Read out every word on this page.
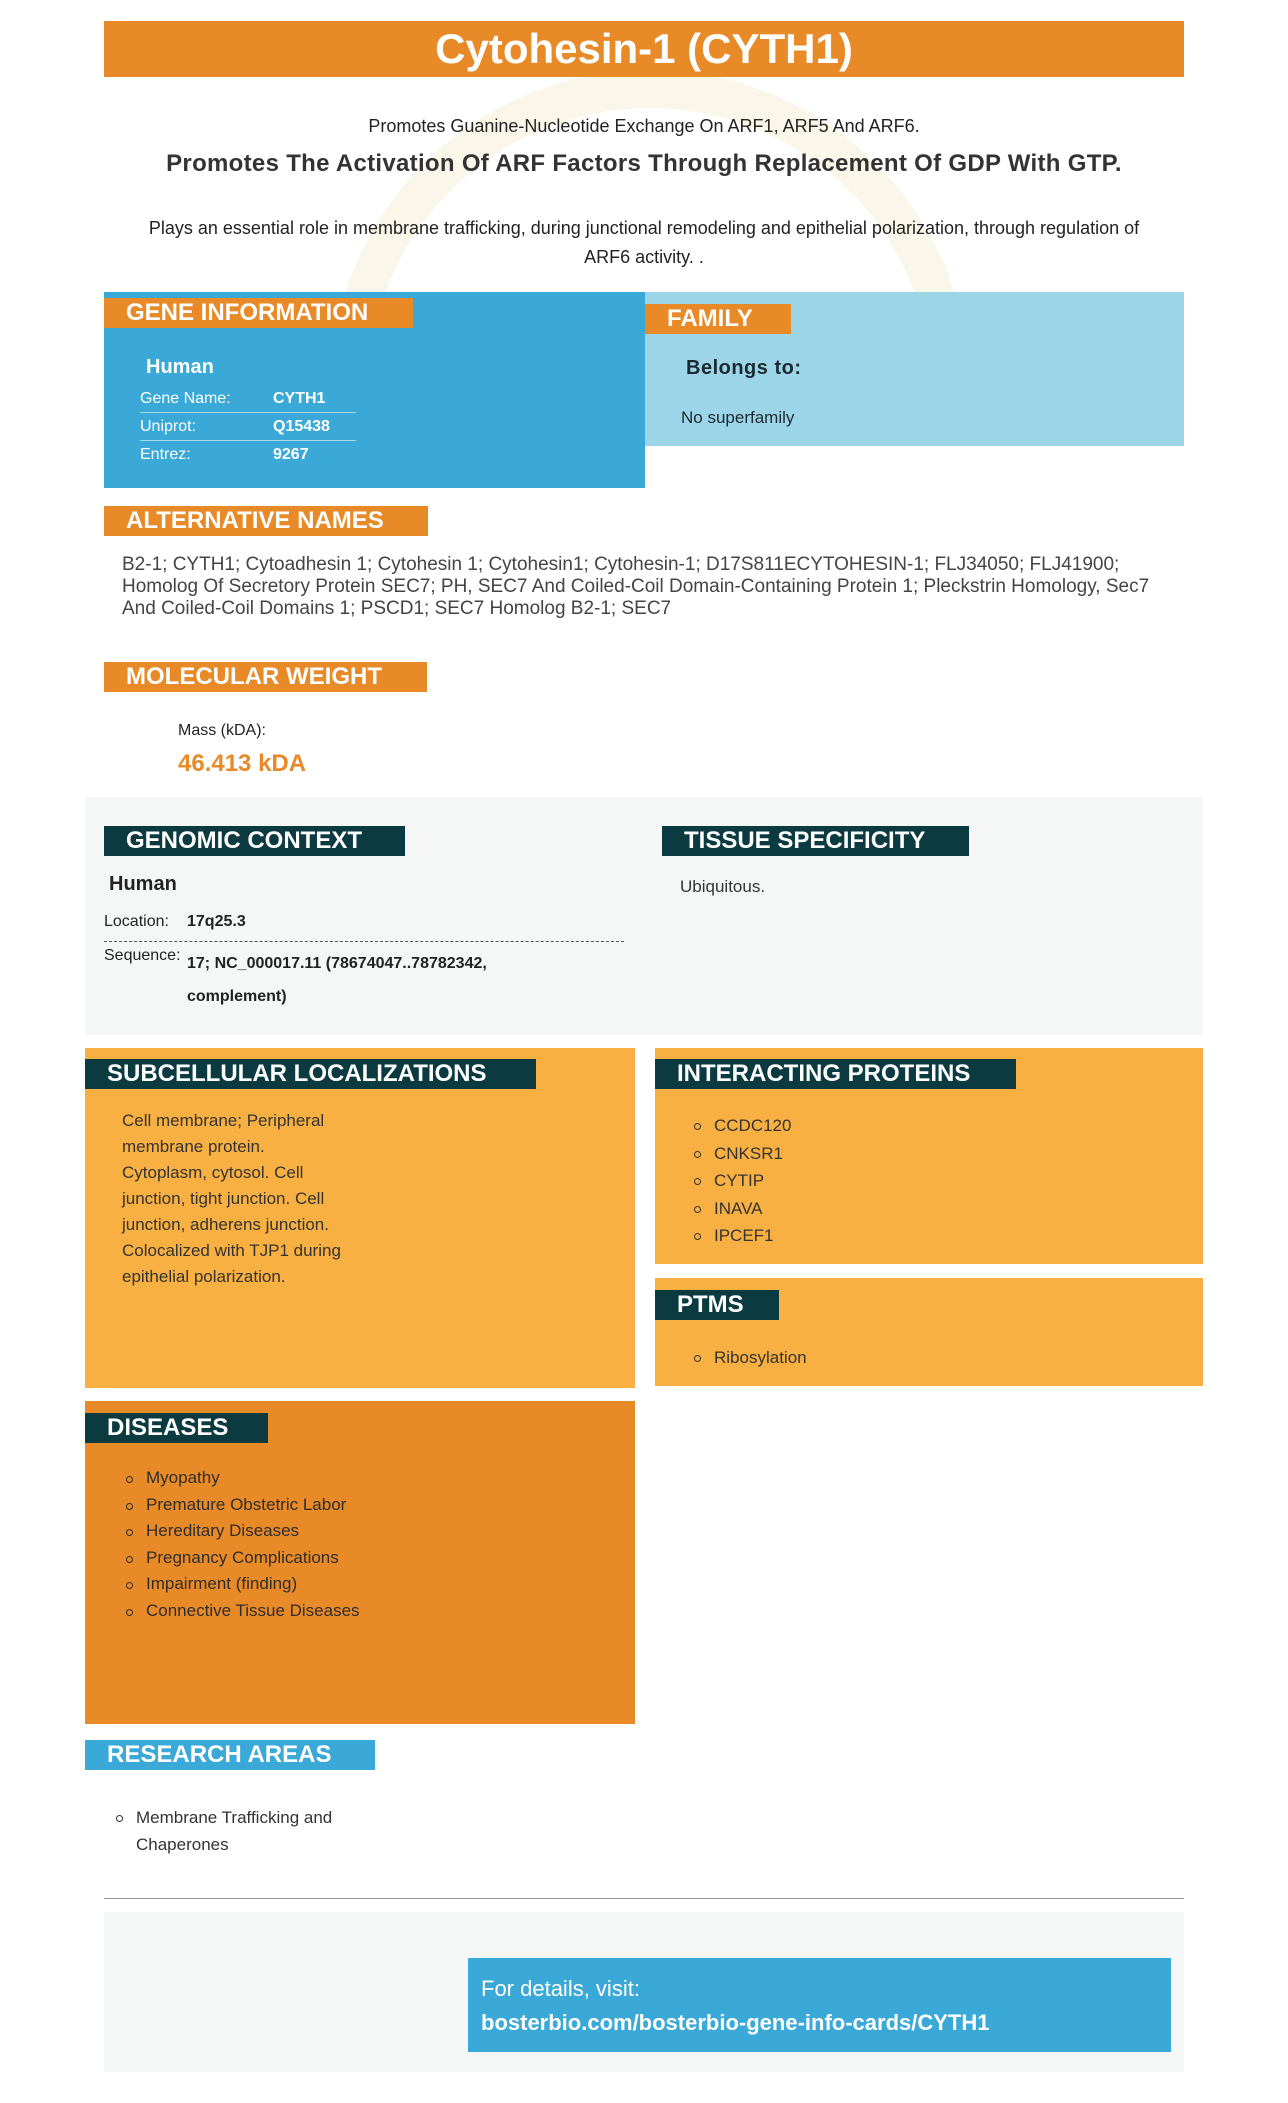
Cytohesin-1 (CYTH1)
Promotes Guanine-Nucleotide Exchange On ARF1, ARF5 And ARF6.
Promotes The Activation Of ARF Factors Through Replacement Of GDP With GTP.
Plays an essential role in membrane trafficking, during junctional remodeling and epithelial polarization, through regulation of ARF6 activity. .
GENE INFORMATION
Human
Gene Name:	CYTH1
Uniprot:	Q15438
Entrez:	9267
FAMILY
Belongs to:
No superfamily
ALTERNATIVE NAMES
B2-1; CYTH1; Cytoadhesin 1; Cytohesin 1; Cytohesin1; Cytohesin-1; D17S811ECYTOHESIN-1; FLJ34050; FLJ41900; Homolog Of Secretory Protein SEC7; PH, SEC7 And Coiled-Coil Domain-Containing Protein 1; Pleckstrin Homology, Sec7 And Coiled-Coil Domains 1; PSCD1; SEC7 Homolog B2-1; SEC7
MOLECULAR WEIGHT
Mass (kDA):
46.413 kDA
GENOMIC CONTEXT
Human
Location: 17q25.3
Sequence: 17; NC_000017.11 (78674047..78782342, complement)
TISSUE SPECIFICITY
Ubiquitous.
SUBCELLULAR LOCALIZATIONS
Cell membrane; Peripheral membrane protein. Cytoplasm, cytosol. Cell junction, tight junction. Cell junction, adherens junction. Colocalized with TJP1 during epithelial polarization.
INTERACTING PROTEINS
CCDC120
CNKSR1
CYTIP
INAVA
IPCEF1
PTMS
Ribosylation
DISEASES
Myopathy
Premature Obstetric Labor
Hereditary Diseases
Pregnancy Complications
Impairment (finding)
Connective Tissue Diseases
RESEARCH AREAS
Membrane Trafficking and Chaperones
For details, visit:
bosterbio.com/bosterbio-gene-info-cards/CYTH1
